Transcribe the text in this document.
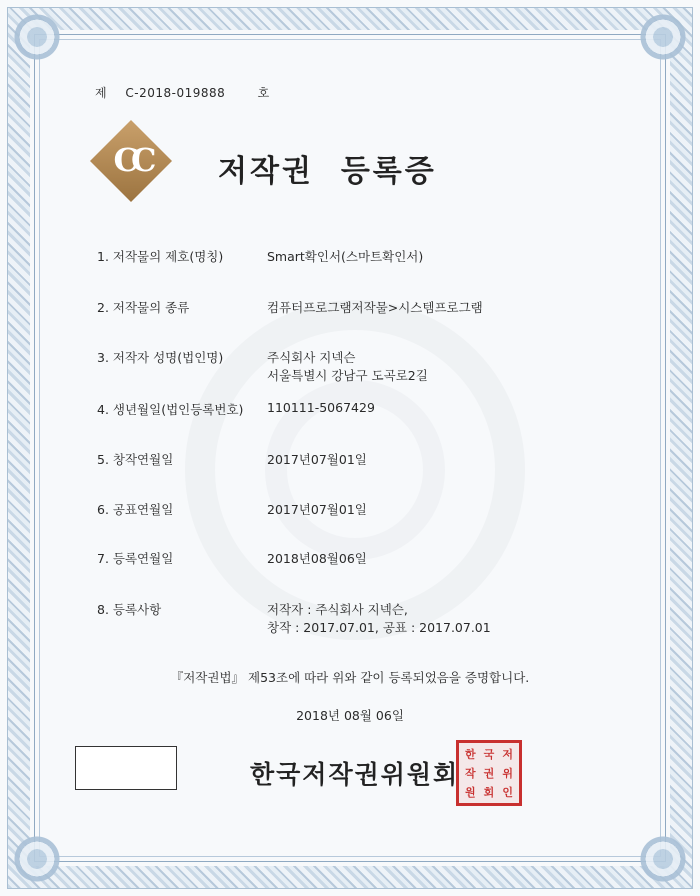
제 C-2018-019888	호
CC 저작권  등록증
1. 저작물의 제호(명칭)	Smart확인서(스마트확인서)
2. 저작물의 종류	컴퓨터프로그램저작물>시스템프로그램
3. 저작자 성명(법인명)	주식회사 지넥슨
서울특별시 강남구 도곡로2길
4. 생년월일(법인등록번호) 110111-5067429
5. 창작연월일	2017년07월01일
6. 공표연월일	2017년07월01일
7. 등록연월일	2018년08월06일
8. 등록사항	저작자 : 주식회사 지넥슨,
창작 : 2017.07.01, 공표 : 2017.07.01
『저작권법』 제53조에 따라 위와 같이 등록되었음을 증명합니다.
2018년 08월 06일
한국저작권위원회
한 국 저
작 권 위
원 회 인
